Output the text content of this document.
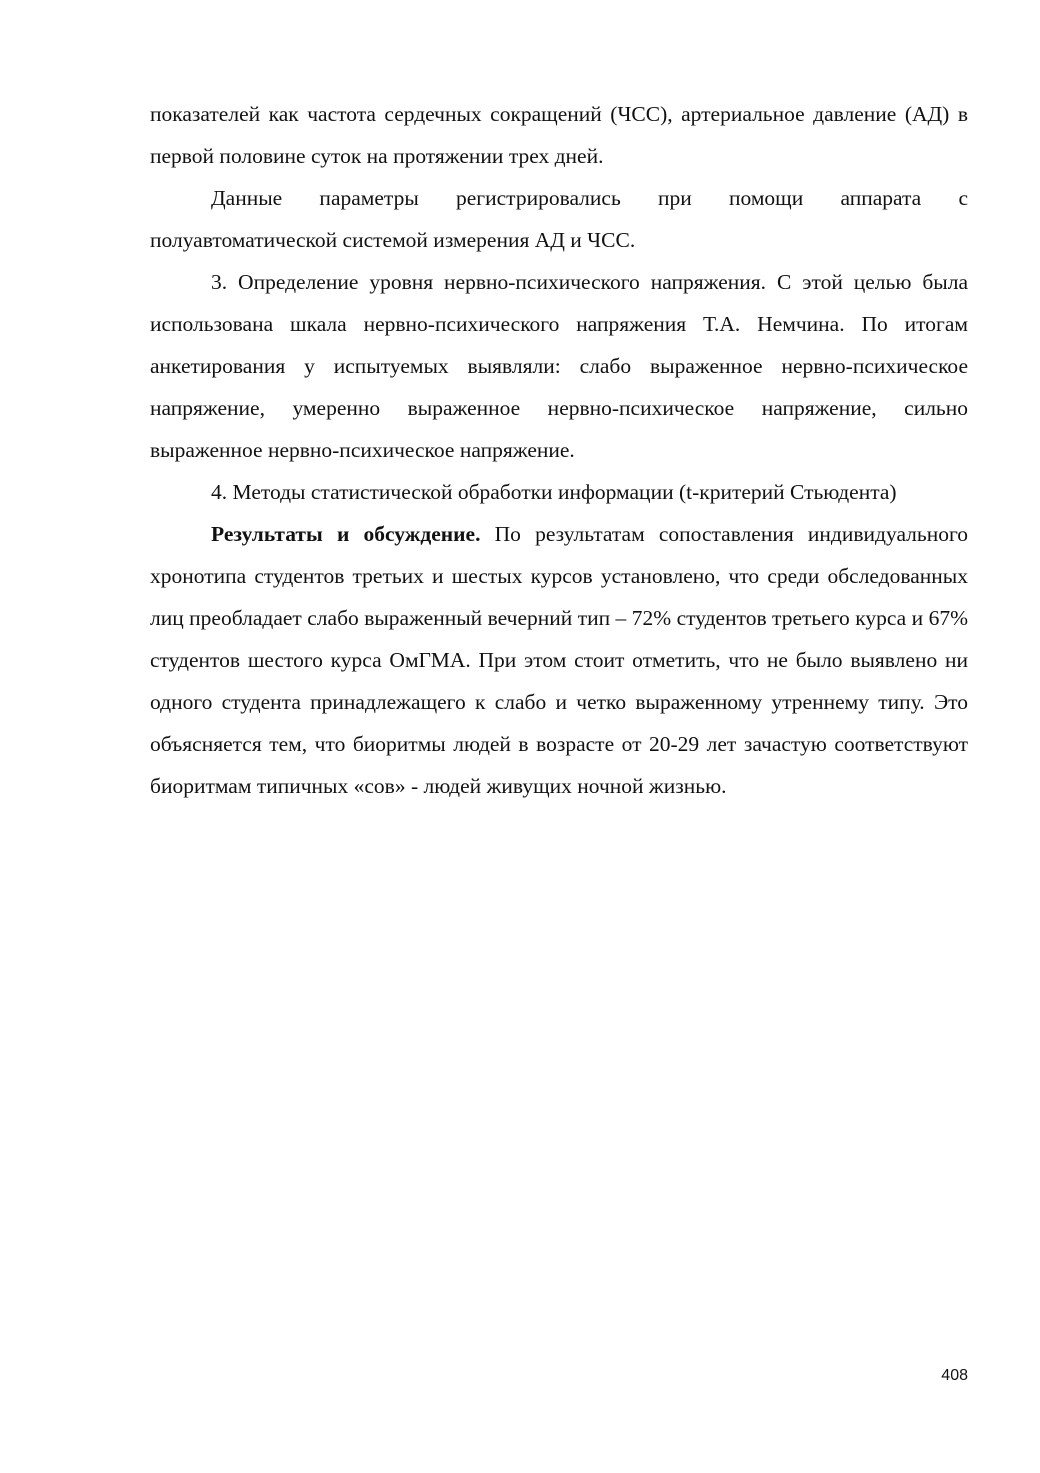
показателей как частота сердечных сокращений (ЧСС), артериальное давление (АД) в первой половине суток на протяжении трех дней.

Данные параметры регистрировались при помощи аппарата с полуавтоматической системой измерения АД и ЧСС.

3. Определение уровня нервно-психического напряжения. С этой целью была использована шкала нервно-психического напряжения Т.А. Немчина. По итогам анкетирования у испытуемых выявляли: слабо выраженное нервно-психическое напряжение, умеренно выраженное нервно-психическое напряжение, сильно выраженное нервно-психическое напряжение.

4. Методы статистической обработки информации (t-критерий Стьюдента)

Результаты и обсуждение. По результатам сопоставления индивидуального хронотипа студентов третьих и шестых курсов установлено, что среди обследованных лиц преобладает слабо выраженный вечерний тип – 72% студентов третьего курса и 67% студентов шестого курса ОмГМА. При этом стоит отметить, что не было выявлено ни одного студента принадлежащего к слабо и четко выраженному утреннему типу. Это объясняется тем, что биоритмы людей в возрасте от 20-29 лет зачастую соответствуют биоритмам типичных «сов» - людей живущих ночной жизнью.

408
